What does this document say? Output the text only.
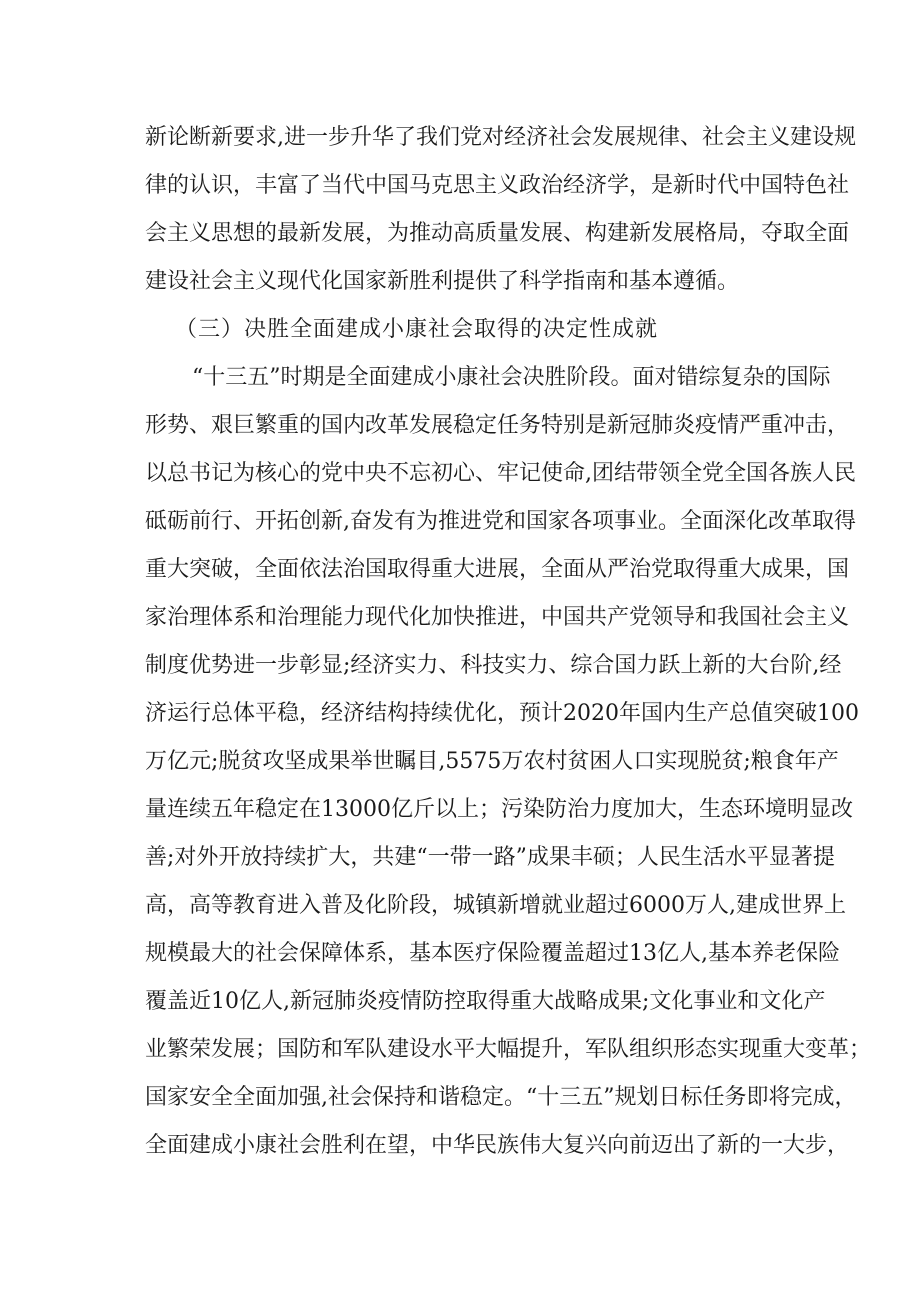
新论断新要求,进一步升华了我们党对经济社会发展规律、社会主义建设规
律的认识，丰富了当代中国马克思主义政治经济学，是新时代中国特色社
会主义思想的最新发展，为推动高质量发展、构建新发展格局，夺取全面
建设社会主义现代化国家新胜利提供了科学指南和基本遵循。
（三）决胜全面建成小康社会取得的决定性成就
“十三五”时期是全面建成小康社会决胜阶段。面对错综复杂的国际
形势、艰巨繁重的国内改革发展稳定任务特别是新冠肺炎疫情严重冲击，
以总书记为核心的党中央不忘初心、牢记使命,团结带领全党全国各族人民
砥砺前行、开拓创新,奋发有为推进党和国家各项事业。全面深化改革取得
重大突破，全面依法治国取得重大进展，全面从严治党取得重大成果，国
家治理体系和治理能力现代化加快推进，中国共产党领导和我国社会主义
制度优势进一步彰显;经济实力、科技实力、综合国力跃上新的大台阶,经
济运行总体平稳，经济结构持续优化，预计2020年国内生产总值突破100
万亿元;脱贫攻坚成果举世瞩目,5575万农村贫困人口实现脱贫;粮食年产
量连续五年稳定在13000亿斤以上；污染防治力度加大，生态环境明显改
善;对外开放持续扩大，共建“一带一路”成果丰硕；人民生活水平显著提
高，高等教育进入普及化阶段，城镇新增就业超过6000万人,建成世界上
规模最大的社会保障体系，基本医疗保险覆盖超过13亿人,基本养老保险
覆盖近10亿人,新冠肺炎疫情防控取得重大战略成果;文化事业和文化产
业繁荣发展；国防和军队建设水平大幅提升，军队组织形态实现重大变革；
国家安全全面加强,社会保持和谐稳定。“十三五”规划日标任务即将完成，
全面建成小康社会胜利在望，中华民族伟大复兴向前迈出了新的一大步，
